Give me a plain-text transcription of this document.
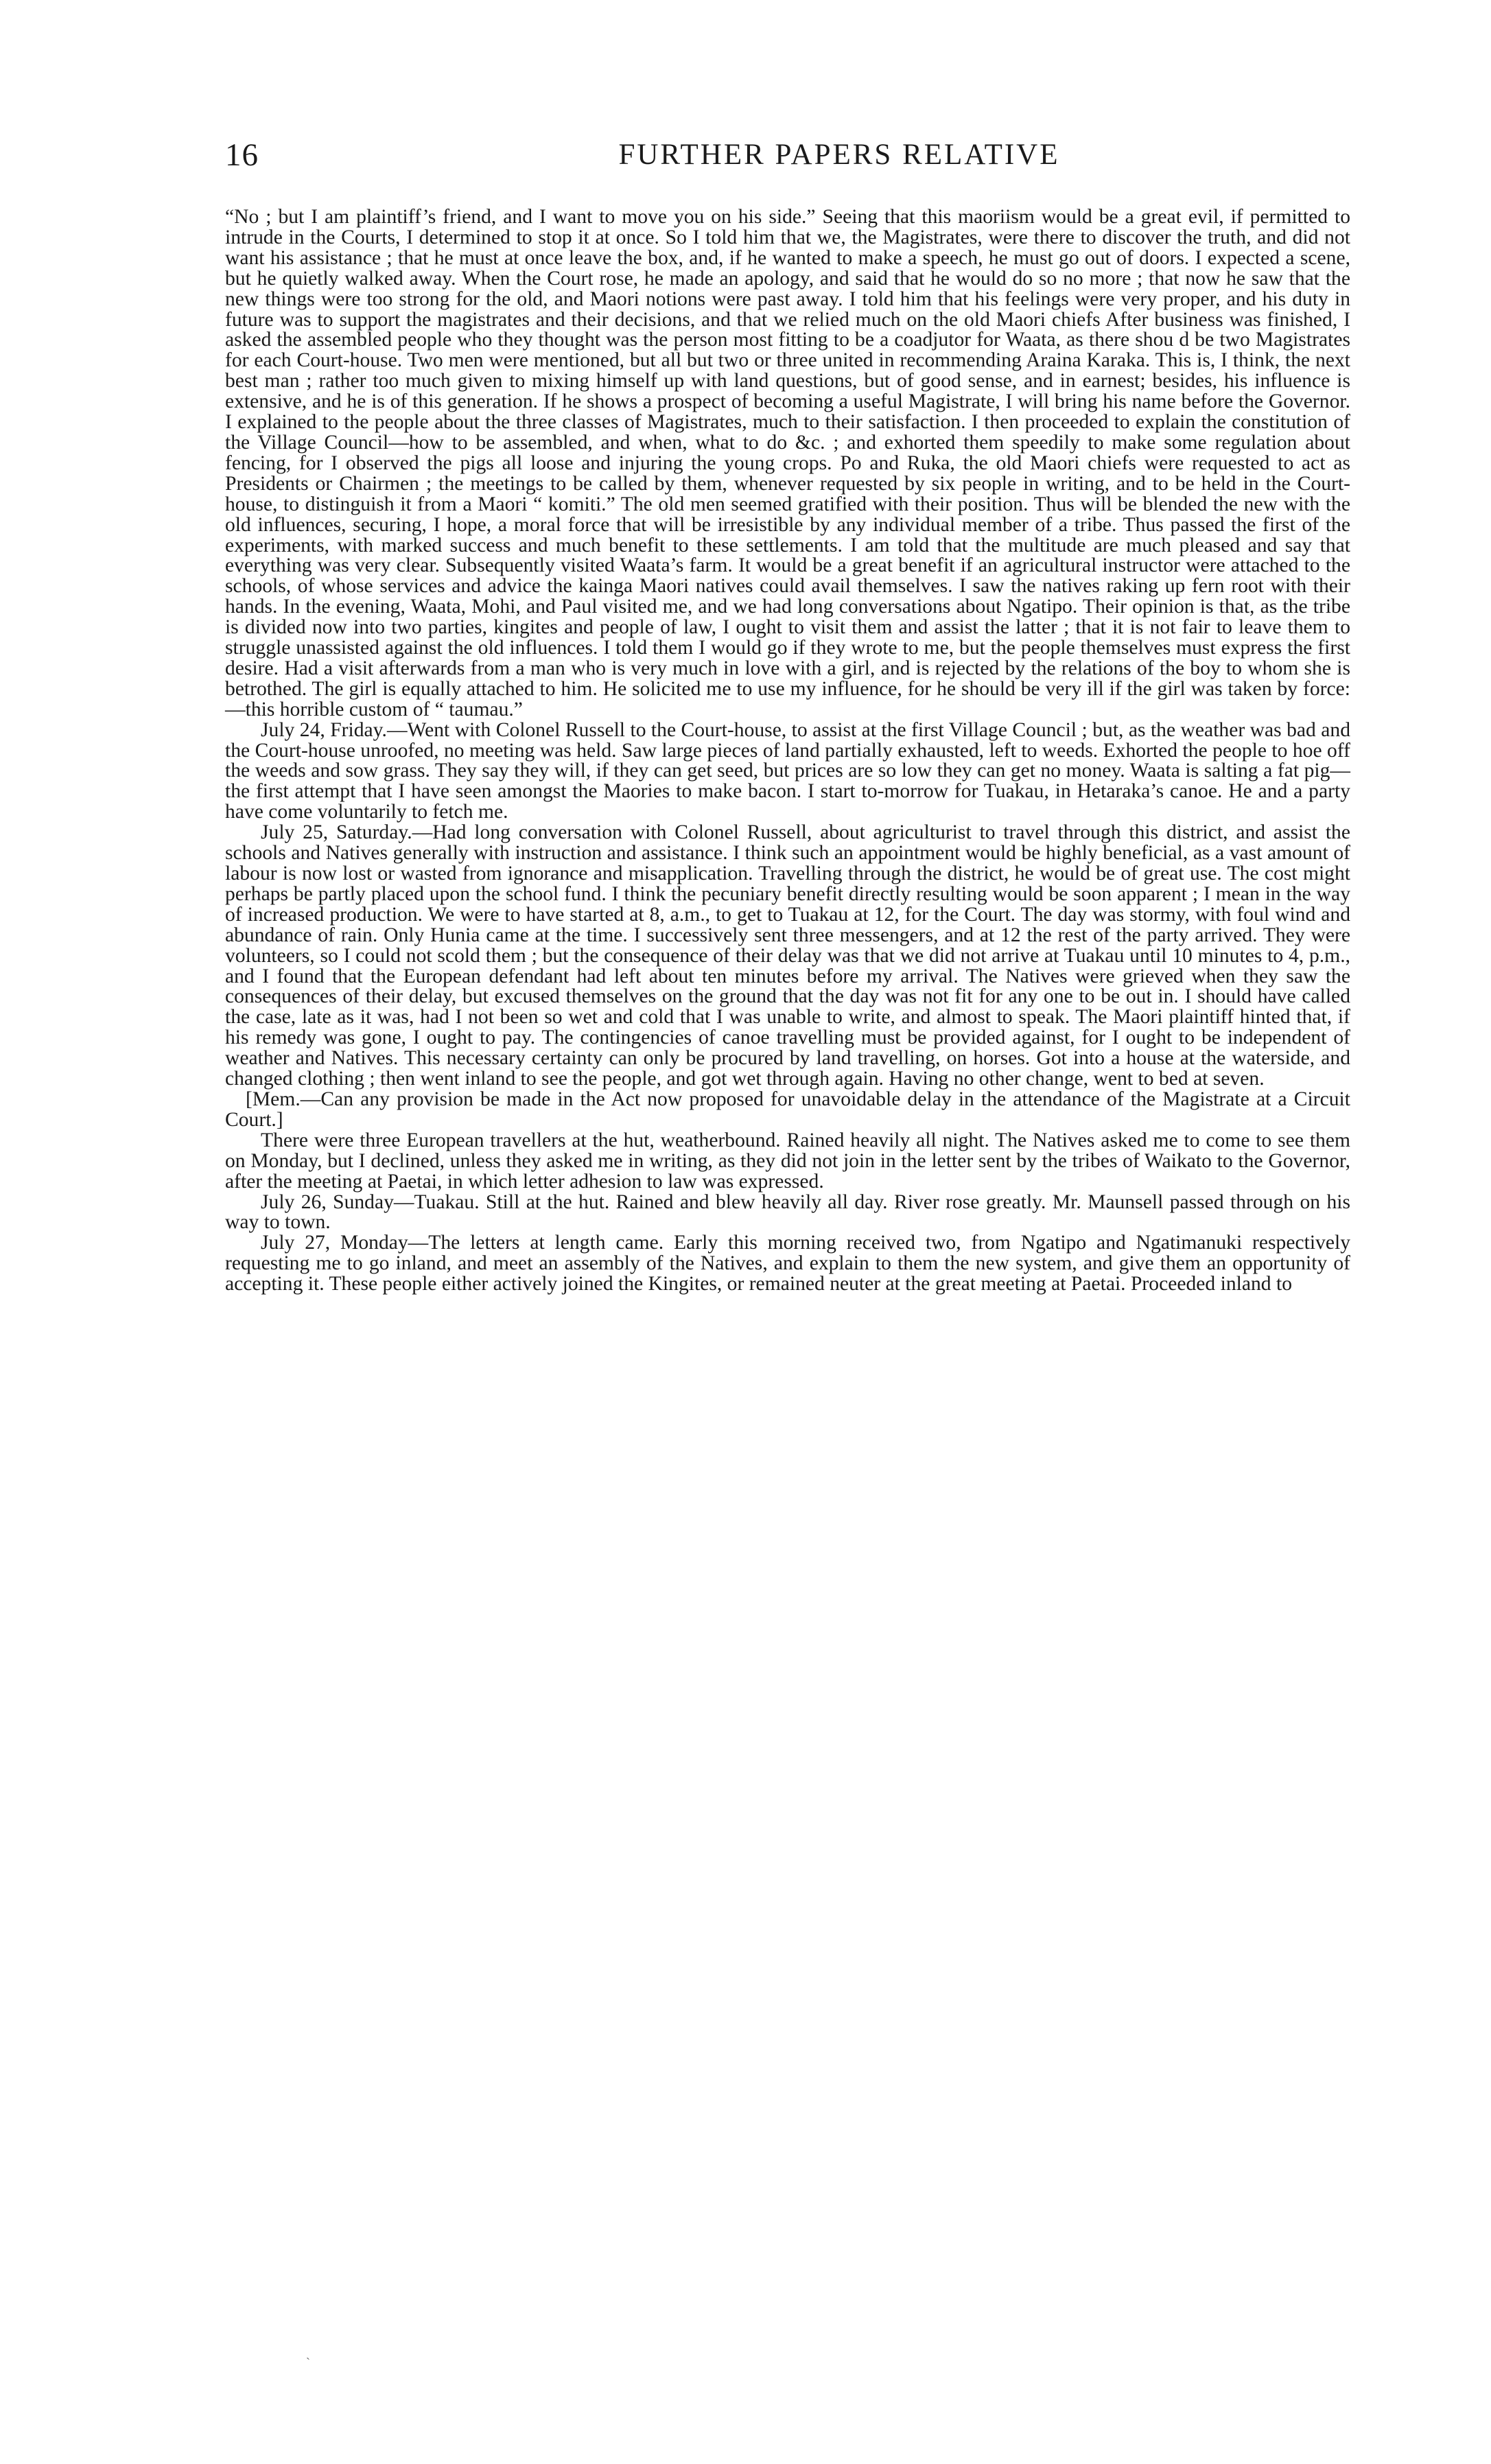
16	FURTHER PAPERS RELATIVE

“No ; but I am plaintiff’s friend, and I want to move you on his side.” Seeing that this maoriism would be a great evil, if permitted to intrude in the Courts, I determined to stop it at once. So I told him that we, the Magistrates, were there to discover the truth, and did not want his assistance ; that he must at once leave the box, and, if he wanted to make a speech, he must go out of doors. I expected a scene, but he quietly walked away. When the Court rose, he made an apology, and said that he would do so no more ; that now he saw that the new things were too strong for the old, and Maori notions were past away. I told him that his feelings were very proper, and his duty in future was to support the magistrates and their decisions, and that we relied much on the old Maori chiefs After business was finished, I asked the assembled people who they thought was the person most fitting to be a coadjutor for Waata, as there shou d be two Magistrates for each Court-house. Two men were mentioned, but all but two or three united in recommending Araina Karaka. This is, I think, the next best man ; rather too much given to mixing himself up with land questions, but of good sense, and in earnest; besides, his influence is extensive, and he is of this generation. If he shows a prospect of becoming a useful Magistrate, I will bring his name before the Governor. I explained to the people about the three classes of Magistrates, much to their satisfaction. I then proceeded to explain the constitution of the Village Council—how to be assembled, and when, what to do &c. ; and exhorted them speedily to make some regulation about fencing, for I observed the pigs all loose and injuring the young crops. Po and Ruka, the old Maori chiefs were requested to act as Presidents or Chairmen ; the meetings to be called by them, whenever requested by six people in writing, and to be held in the Court-house, to distinguish it from a Maori “ komiti.” The old men seemed gratified with their position. Thus will be blended the new with the old influences, securing, I hope, a moral force that will be irresistible by any individual member of a tribe. Thus passed the first of the experiments, with marked success and much benefit to these settlements. I am told that the multitude are much pleased and say that everything was very clear. Subsequently visited Waata’s farm. It would be a great benefit if an agricultural instructor were attached to the schools, of whose services and advice the kainga Maori natives could avail themselves. I saw the natives raking up fern root with their hands. In the evening, Waata, Mohi, and Paul visited me, and we had long conversations about Ngatipo. Their opinion is that, as the tribe is divided now into two parties, kingites and people of law, I ought to visit them and assist the latter ; that it is not fair to leave them to struggle unassisted against the old influences. I told them I would go if they wrote to me, but the people themselves must express the first desire. Had a visit afterwards from a man who is very much in love with a girl, and is rejected by the relations of the boy to whom she is betrothed. The girl is equally attached to him. He solicited me to use my influence, for he should be very ill if the girl was taken by force:—this horrible custom of “ taumau.”

July 24, Friday.—Went with Colonel Russell to the Court-house, to assist at the first Village Council ; but, as the weather was bad and the Court-house unroofed, no meeting was held. Saw large pieces of land partially exhausted, left to weeds. Exhorted the people to hoe off the weeds and sow grass. They say they will, if they can get seed, but prices are so low they can get no money. Waata is salting a fat pig—the first attempt that I have seen amongst the Maories to make bacon. I start to-morrow for Tuakau, in Hetaraka’s canoe. He and a party have come voluntarily to fetch me.

July 25, Saturday.—Had long conversation with Colonel Russell, about agriculturist to travel through this district, and assist the schools and Natives generally with instruction and assistance. I think such an appointment would be highly beneficial, as a vast amount of labour is now lost or wasted from ignorance and misapplication. Travelling through the district, he would be of great use. The cost might perhaps be partly placed upon the school fund. I think the pecuniary benefit directly resulting would be soon apparent ; I mean in the way of increased production. We were to have started at 8, a.m., to get to Tuakau at 12, for the Court. The day was stormy, with foul wind and abundance of rain. Only Hunia came at the time. I successively sent three messengers, and at 12 the rest of the party arrived. They were volunteers, so I could not scold them ; but the consequence of their delay was that we did not arrive at Tuakau until 10 minutes to 4, p.m., and I found that the European defendant had left about ten minutes before my arrival. The Natives were grieved when they saw the consequences of their delay, but excused themselves on the ground that the day was not fit for any one to be out in. I should have called the case, late as it was, had I not been so wet and cold that I was unable to write, and almost to speak. The Maori plaintiff hinted that, if his remedy was gone, I ought to pay. The contingencies of canoe travelling must be provided against, for I ought to be independent of weather and Natives. This necessary certainty can only be procured by land travelling, on horses. Got into a house at the waterside, and changed clothing ; then went inland to see the people, and got wet through again. Having no other change, went to bed at seven.

[Mem.—Can any provision be made in the Act now proposed for unavoidable delay in the attendance of the Magistrate at a Circuit Court.]

There were three European travellers at the hut, weatherbound. Rained heavily all night. The Natives asked me to come to see them on Monday, but I declined, unless they asked me in writing, as they did not join in the letter sent by the tribes of Waikato to the Governor, after the meeting at Paetai, in which letter adhesion to law was expressed.

July 26, Sunday—Tuakau. Still at the hut. Rained and blew heavily all day. River rose greatly. Mr. Maunsell passed through on his way to town.

July 27, Monday—The letters at length came. Early this morning received two, from Ngatipo and Ngatimanuki respectively requesting me to go inland, and meet an assembly of the Natives, and explain to them the new system, and give them an opportunity of accepting it. These people either actively joined the Kingites, or remained neuter at the great meeting at Paetai. Proceeded inland to

ˏ
